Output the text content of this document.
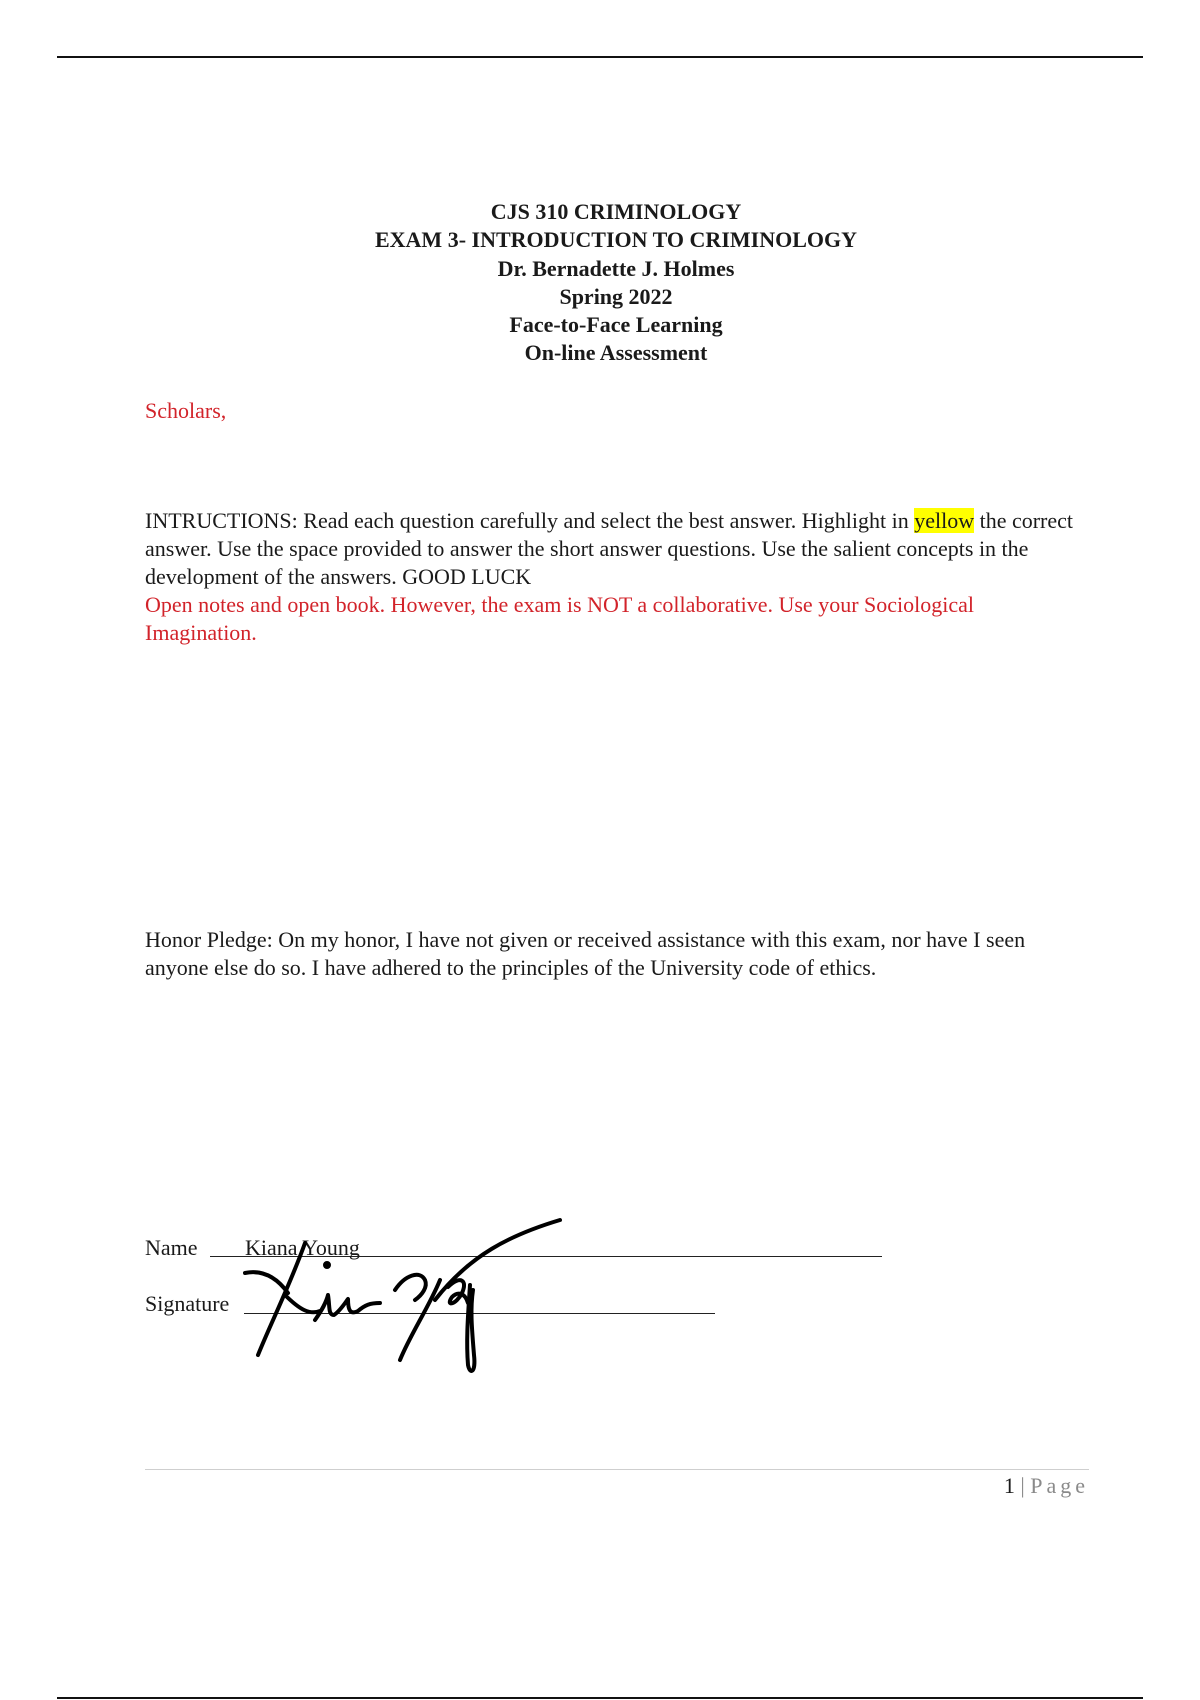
CJS 310 CRIMINOLOGY
EXAM 3- INTRODUCTION TO CRIMINOLOGY
Dr. Bernadette J. Holmes
Spring 2022
Face-to-Face Learning
On-line Assessment
Scholars,
INTRUCTIONS: Read each question carefully and select the best answer. Highlight in yellow the correct answer. Use the space provided to answer the short answer questions. Use the salient concepts in the development of the answers. GOOD LUCK
Open notes and open book. However, the exam is NOT a collaborative. Use your Sociological Imagination.
Honor Pledge: On my honor, I have not given or received assistance with this exam, nor have I seen anyone else do so. I have adhered to the principles of the University code of ethics.
Name Kiana Young
Signature
1 | Page
